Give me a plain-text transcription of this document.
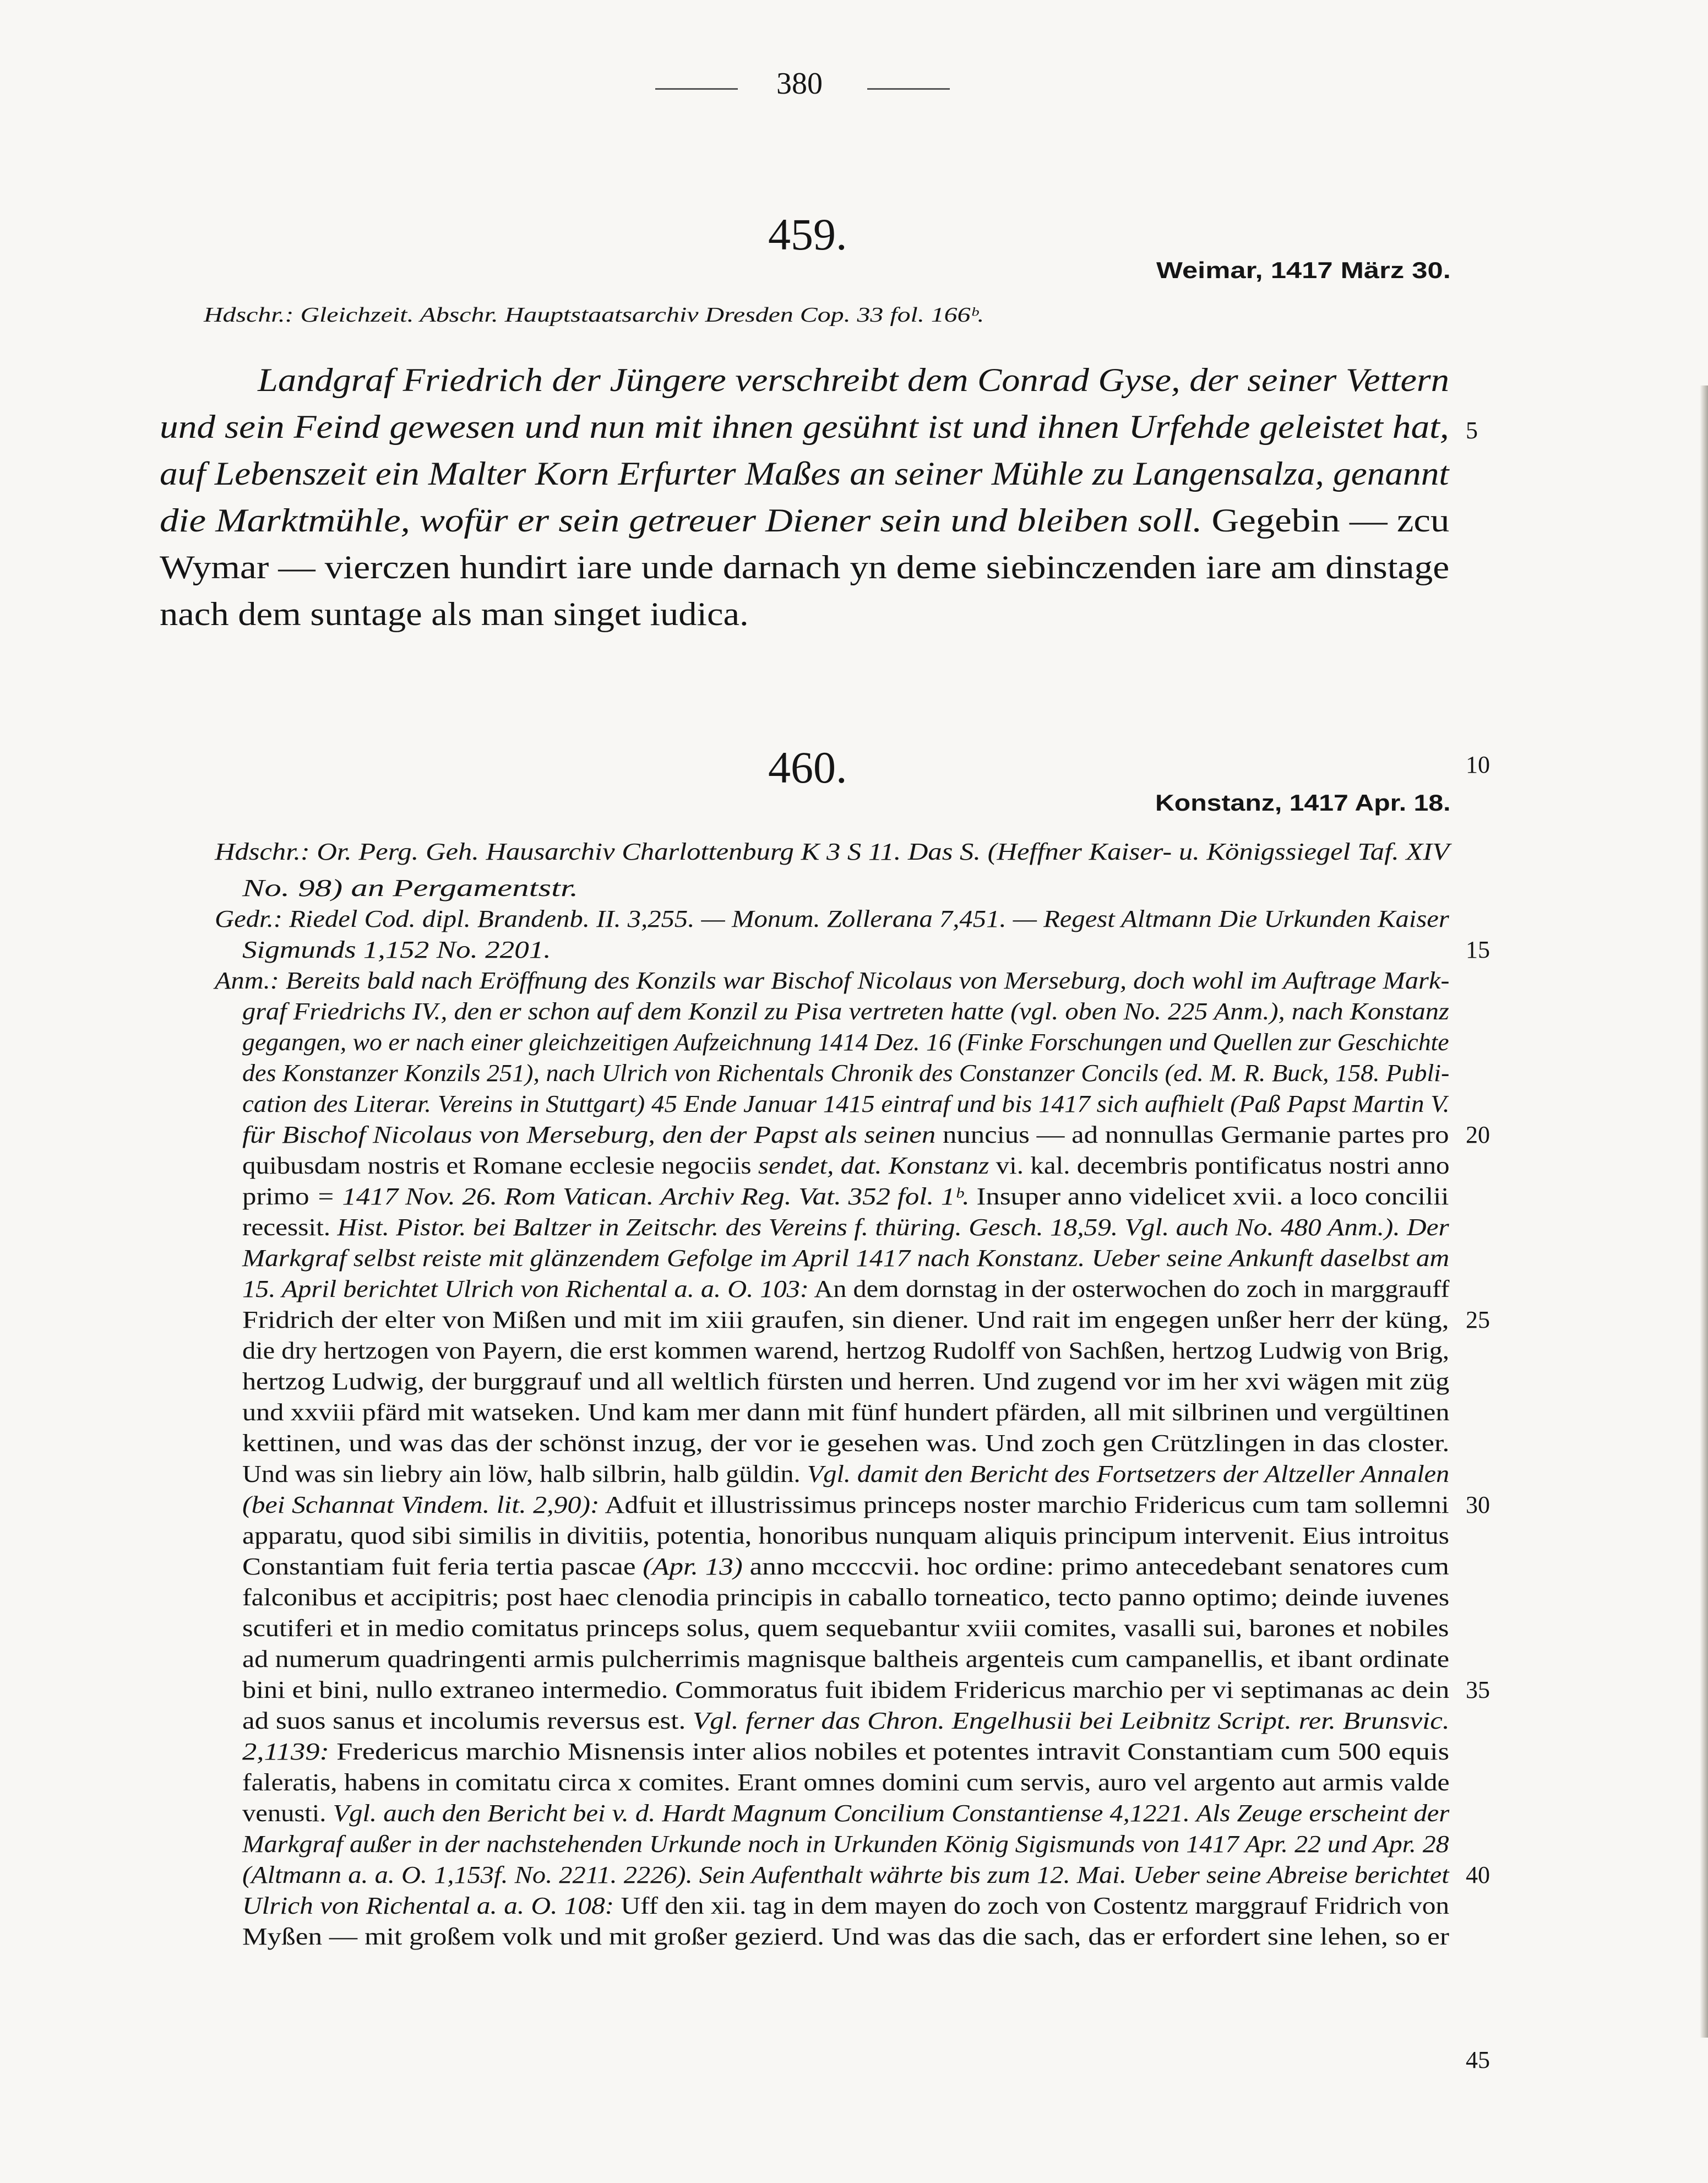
380
459.
Weimar, 1417 März 30.
Hdschr.: Gleichzeit. Abschr. Hauptstaatsarchiv Dresden Cop. 33 fol. 166ᵇ.
Landgraf Friedrich der Jüngere verschreibt dem Conrad Gyse, der seiner Vettern
und sein Feind gewesen und nun mit ihnen gesühnt ist und ihnen Urfehde geleistet hat,
auf Lebenszeit ein Malter Korn Erfurter Maßes an seiner Mühle zu Langensalza, genannt
die Marktmühle, wofür er sein getreuer Diener sein und bleiben soll. Gegebin — zcu
Wymar — vierczen hundirt iare unde darnach yn deme siebinczenden iare am dinstage
nach dem suntage als man singet iudica.
460.
Konstanz, 1417 Apr. 18.
Hdschr.: Or. Perg. Geh. Hausarchiv Charlottenburg K 3 S 11. Das S. (Heffner Kaiser- u. Königssiegel Taf. XIV
No. 98) an Pergamentstr.
Gedr.: Riedel Cod. dipl. Brandenb. II. 3,255. — Monum. Zollerana 7,451. — Regest Altmann Die Urkunden Kaiser
Sigmunds 1,152 No. 2201.
Anm.: Bereits bald nach Eröffnung des Konzils war Bischof Nicolaus von Merseburg, doch wohl im Auftrage Mark-
graf Friedrichs IV., den er schon auf dem Konzil zu Pisa vertreten hatte (vgl. oben No. 225 Anm.), nach Konstanz
gegangen, wo er nach einer gleichzeitigen Aufzeichnung 1414 Dez. 16 (Finke Forschungen und Quellen zur Geschichte
des Konstanzer Konzils 251), nach Ulrich von Richentals Chronik des Constanzer Concils (ed. M. R. Buck, 158. Publi-
cation des Literar. Vereins in Stuttgart) 45 Ende Januar 1415 eintraf und bis 1417 sich aufhielt (Paß Papst Martin V.
für Bischof Nicolaus von Merseburg, den der Papst als seinen nuncius — ad nonnullas Germanie partes pro
quibusdam nostris et Romane ecclesie negociis sendet, dat. Konstanz vi. kal. decembris pontificatus nostri anno
primo = 1417 Nov. 26. Rom Vatican. Archiv Reg. Vat. 352 fol. 1ᵇ. Insuper anno videlicet xvii. a loco concilii
recessit. Hist. Pistor. bei Baltzer in Zeitschr. des Vereins f. thüring. Gesch. 18,59. Vgl. auch No. 480 Anm.). Der
Markgraf selbst reiste mit glänzendem Gefolge im April 1417 nach Konstanz. Ueber seine Ankunft daselbst am
15. April berichtet Ulrich von Richental a. a. O. 103: An dem dornstag in der osterwochen do zoch in marggrauff
Fridrich der elter von Mißen und mit im xiii graufen, sin diener. Und rait im engegen unßer herr der küng,
die dry hertzogen von Payern, die erst kommen warend, hertzog Rudolff von Sachßen, hertzog Ludwig von Brig,
hertzog Ludwig, der burggrauf und all weltlich fürsten und herren. Und zugend vor im her xvi wägen mit züg
und xxviii pfärd mit watseken. Und kam mer dann mit fünf hundert pfärden, all mit silbrinen und vergültinen
kettinen, und was das der schönst inzug, der vor ie gesehen was. Und zoch gen Crützlingen in das closter.
Und was sin liebry ain löw, halb silbrin, halb güldin. Vgl. damit den Bericht des Fortsetzers der Altzeller Annalen
(bei Schannat Vindem. lit. 2,90): Adfuit et illustrissimus princeps noster marchio Fridericus cum tam sollemni
apparatu, quod sibi similis in divitiis, potentia, honoribus nunquam aliquis principum intervenit. Eius introitus
Constantiam fuit feria tertia pascae (Apr. 13) anno mccccvii. hoc ordine: primo antecedebant senatores cum
falconibus et accipitris; post haec clenodia principis in caballo torneatico, tecto panno optimo; deinde iuvenes
scutiferi et in medio comitatus princeps solus, quem sequebantur xviii comites, vasalli sui, barones et nobiles
ad numerum quadringenti armis pulcherrimis magnisque baltheis argenteis cum campanellis, et ibant ordinate
bini et bini, nullo extraneo intermedio. Commoratus fuit ibidem Fridericus marchio per vi septimanas ac dein
ad suos sanus et incolumis reversus est. Vgl. ferner das Chron. Engelhusii bei Leibnitz Script. rer. Brunsvic.
2,1139: Fredericus marchio Misnensis inter alios nobiles et potentes intravit Constantiam cum 500 equis
faleratis, habens in comitatu circa x comites. Erant omnes domini cum servis, auro vel argento aut armis valde
venusti. Vgl. auch den Bericht bei v. d. Hardt Magnum Concilium Constantiense 4,1221. Als Zeuge erscheint der
Markgraf außer in der nachstehenden Urkunde noch in Urkunden König Sigismunds von 1417 Apr. 22 und Apr. 28
(Altmann a. a. O. 1,153f. No. 2211. 2226). Sein Aufenthalt währte bis zum 12. Mai. Ueber seine Abreise berichtet
Ulrich von Richental a. a. O. 108: Uff den xii. tag in dem mayen do zoch von Costentz marggrauf Fridrich von
Myßen — mit großem volk und mit großer gezierd. Und was das die sach, das er erfordert sine lehen, so er
5
10
15
20
25
30
35
40
45
